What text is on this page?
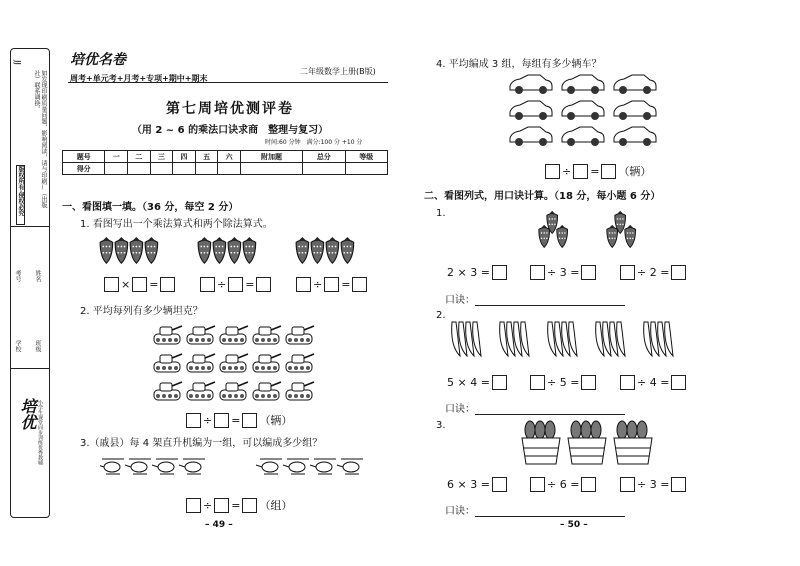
JJ
如发现印刷质量问题，影响阅读，请与印刷厂（出版社）联系调换。
版权所有·侵权必究
学校 班级
姓名
考号
培优 小学生课堂同步训练优秀教辅
培优名卷
周考+单元考+月考+专项+期中+期末
二年级数学上册(B版)
第七周培优测评卷
（用 2 ~ 6 的乘法口诀求商　整理与复习）
时间:60 分钟　满分:100 分 +10 分
题号	一	二	三	四	五	六	附加题	总分	等级
得分									
一、看图填一填。（36 分，每空 2 分）
1. 看图写出一个乘法算式和两个除法算式。
× =	÷ =	÷ =
2. 平均每列有多少辆坦克？
÷ = （辆）
3.（戚县）每 4 架直升机编为一组，可以编成多少组？
÷ = （组）
– 49 –
4. 平均编成 3 组，每组有多少辆车？
÷ = （辆）
二、看图列式，用口诀计算。（18 分，每小题 6 分）
1.
2 × 3 =	÷ 3 =	÷ 2 =
口诀：
2.
5 × 4 =	÷ 5 =	÷ 4 =
口诀：
3.
6 × 3 =	÷ 6 =	÷ 3 =
口诀：
– 50 –
